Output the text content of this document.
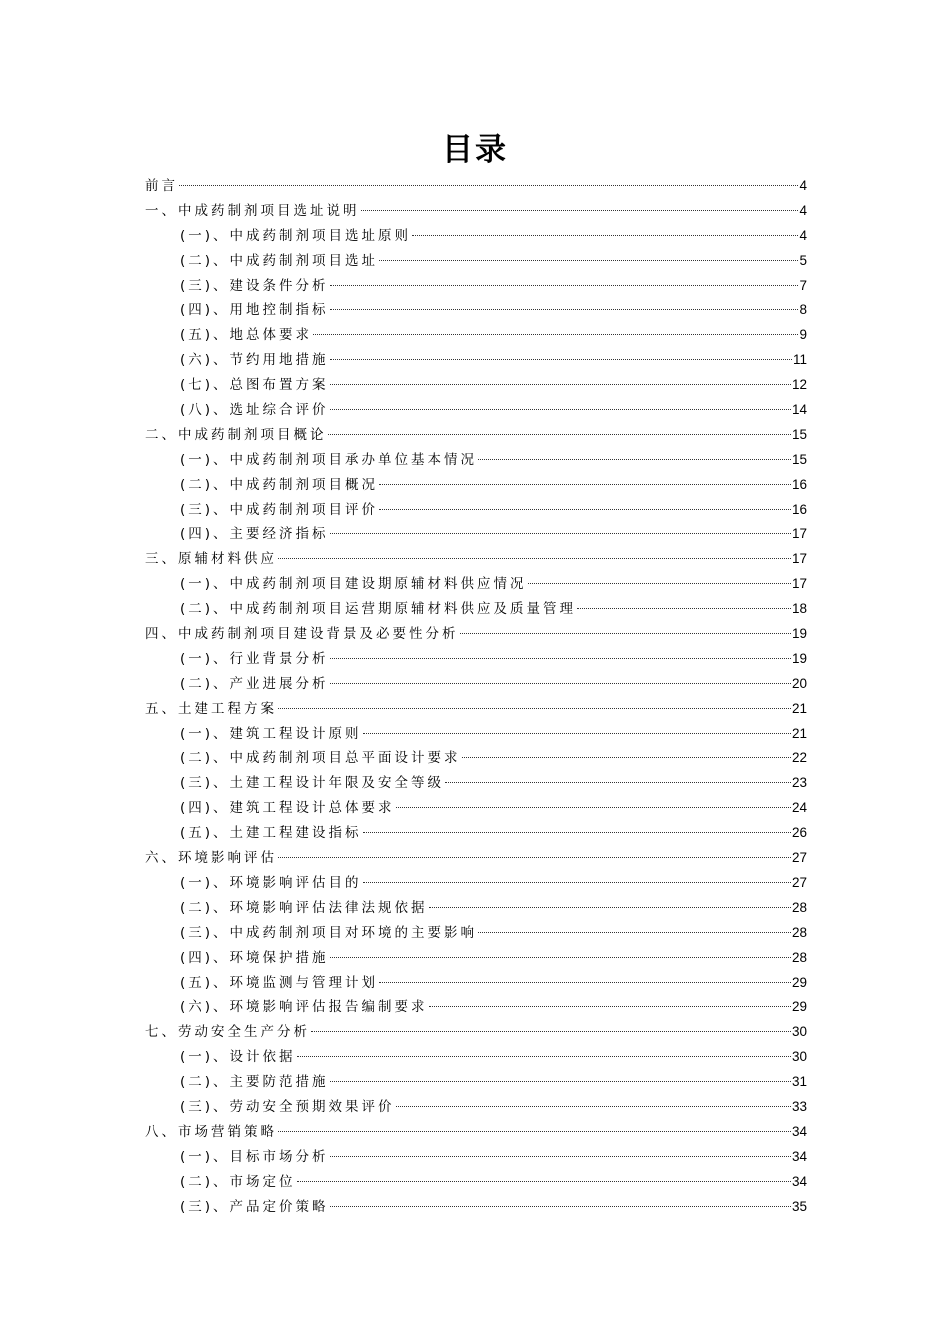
目录
前言	4
一、中成药制剂项目选址说明	4
(一)、中成药制剂项目选址原则	4
(二)、中成药制剂项目选址	5
(三)、建设条件分析	7
(四)、用地控制指标	8
(五)、地总体要求	9
(六)、节约用地措施	11
(七)、总图布置方案	12
(八)、选址综合评价	14
二、中成药制剂项目概论	15
(一)、中成药制剂项目承办单位基本情况	15
(二)、中成药制剂项目概况	16
(三)、中成药制剂项目评价	16
(四)、主要经济指标	17
三、原辅材料供应	17
(一)、中成药制剂项目建设期原辅材料供应情况	17
(二)、中成药制剂项目运营期原辅材料供应及质量管理	18
四、中成药制剂项目建设背景及必要性分析	19
(一)、行业背景分析	19
(二)、产业进展分析	20
五、土建工程方案	21
(一)、建筑工程设计原则	21
(二)、中成药制剂项目总平面设计要求	22
(三)、土建工程设计年限及安全等级	23
(四)、建筑工程设计总体要求	24
(五)、土建工程建设指标	26
六、环境影响评估	27
(一)、环境影响评估目的	27
(二)、环境影响评估法律法规依据	28
(三)、中成药制剂项目对环境的主要影响	28
(四)、环境保护措施	28
(五)、环境监测与管理计划	29
(六)、环境影响评估报告编制要求	29
七、劳动安全生产分析	30
(一)、设计依据	30
(二)、主要防范措施	31
(三)、劳动安全预期效果评价	33
八、市场营销策略	34
(一)、目标市场分析	34
(二)、市场定位	34
(三)、产品定价策略	35
